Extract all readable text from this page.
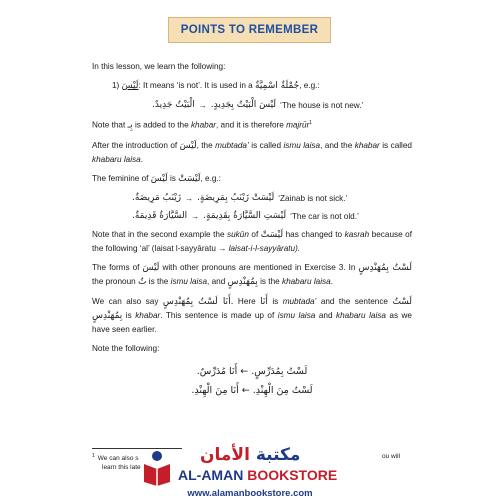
POINTS TO REMEMBER

In this lesson, we learn the following:

1) لَيْسَ: It means ‘is not’. It is used in a جُمْلَةٌ اسْمِيَّةٌ, e.g.:

الْبَيْتُ جَدِيدٌ. → لَيْسَ الْبَيْتُ بِجَدِيدٍ. ‘The house is not new.’

Note that بِـ is added to the khabar, and it is therefore majrūr$^1$

After the introduction of لَيْسَ, the mubtada’ is called ismu laisa, and the khabar is called khabaru laisa.

The feminine of لَيْسَ is لَيْسَتْ, e.g.:

زَيْنَبُ مَرِيضَةٌ. → لَيْسَتْ زَيْنَبُ بِمَرِيضَةٍ. ‘Zainab is not sick.’
السَّيَّارَةُ قَدِيمَةٌ. → لَيْسَتِ السَّيَّارَةُ بِقَدِيمَةٍ. ‘The car is not old.’

Note that in the second example the sukūn of لَيْسَتْ has changed to kasrah because of the following ‘al’ (laisat l-sayyāratu → laisat-i-l-sayyāratu).

The forms of لَيْسَ with other pronouns are mentioned in Exercise 3. In لَسْتُ بِمُهَنْدِسٍ the pronoun تُ is the ismu laisa, and بِمُهَنْدِسٍ is the khabaru laisa.

We can also say أَنَا لَسْتُ بِمُهَنْدِسٍ. Here أَنَا is mubtada’ and the sentence لَسْتُ بِمُهَنْدِسٍ is khabar. This sentence is made up of ismu laisa and khabaru laisa as we have seen earlier.

Note the following:

لَسْتُ بِمُدَرِّسٍ. ← أَنَا مُدَرِّسٌ.
لَسْتُ مِنَ الْهِنْدِ. ← أَنَا مِنَ الْهِنْدِ.
$^1$ We can also s	ou will

learn this late
مكتبة الأمان
AL-AMAN BOOKSTORE
www.alamanbookstore.com
